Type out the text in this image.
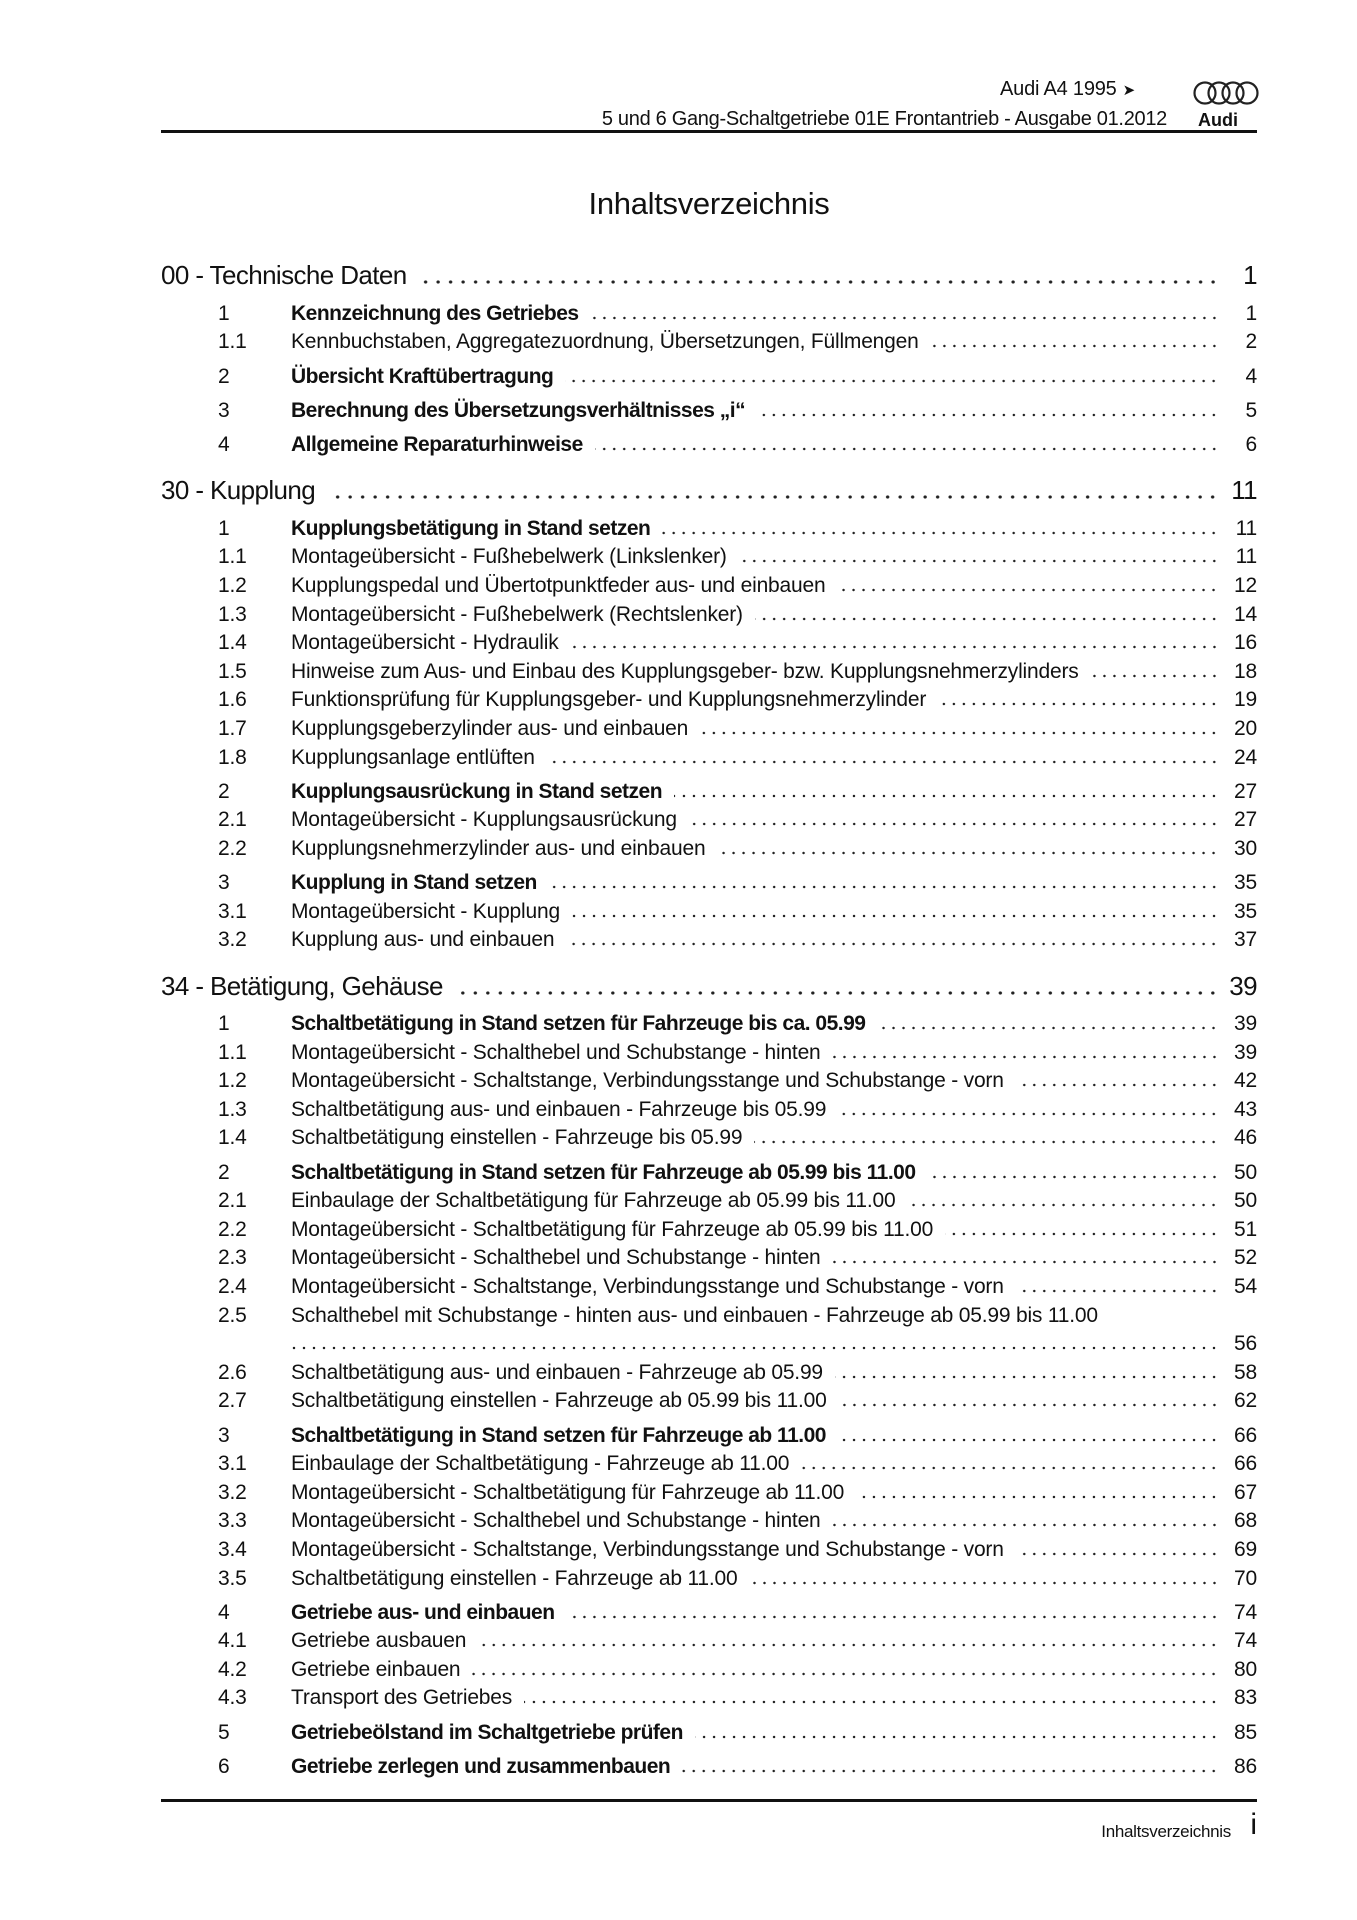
Audi A4 1995 ➤
5 und 6 Gang-Schaltgetriebe 01E Frontantrieb - Ausgabe 01.2012 Audi
Inhaltsverzeichnis
00 - Technische Daten	1
1	Kennzeichnung des Getriebes	1
1.1	Kennbuchstaben, Aggregatezuordnung, Übersetzungen, Füllmengen	2
2	Übersicht Kraftübertragung	4
3	Berechnung des Übersetzungsverhältnisses „i“	5
4	Allgemeine Reparaturhinweise	6
30 - Kupplung	11
1	Kupplungsbetätigung in Stand setzen	11
1.1	Montageübersicht - Fußhebelwerk (Linkslenker)	11
1.2	Kupplungspedal und Übertotpunktfeder aus- und einbauen	12
1.3	Montageübersicht - Fußhebelwerk (Rechtslenker)	14
1.4	Montageübersicht - Hydraulik	16
1.5	Hinweise zum Aus- und Einbau des Kupplungsgeber- bzw. Kupplungsnehmerzylinders	18
1.6	Funktionsprüfung für Kupplungsgeber- und Kupplungsnehmerzylinder	19
1.7	Kupplungsgeberzylinder aus- und einbauen	20
1.8	Kupplungsanlage entlüften	24
2	Kupplungsausrückung in Stand setzen	27
2.1	Montageübersicht - Kupplungsausrückung	27
2.2	Kupplungsnehmerzylinder aus- und einbauen	30
3	Kupplung in Stand setzen	35
3.1	Montageübersicht - Kupplung	35
3.2	Kupplung aus- und einbauen	37
34 - Betätigung, Gehäuse	39
1	Schaltbetätigung in Stand setzen für Fahrzeuge bis ca. 05.99	39
1.1	Montageübersicht - Schalthebel und Schubstange - hinten	39
1.2	Montageübersicht - Schaltstange, Verbindungsstange und Schubstange - vorn	42
1.3	Schaltbetätigung aus- und einbauen - Fahrzeuge bis 05.99	43
1.4	Schaltbetätigung einstellen - Fahrzeuge bis 05.99	46
2	Schaltbetätigung in Stand setzen für Fahrzeuge ab 05.99 bis 11.00	50
2.1	Einbaulage der Schaltbetätigung für Fahrzeuge ab 05.99 bis 11.00	50
2.2	Montageübersicht - Schaltbetätigung für Fahrzeuge ab 05.99 bis 11.00	51
2.3	Montageübersicht - Schalthebel und Schubstange - hinten	52
2.4	Montageübersicht - Schaltstange, Verbindungsstange und Schubstange - vorn	54
2.5	Schalthebel mit Schubstange - hinten aus- und einbauen - Fahrzeuge ab 05.99 bis 11.00
56
2.6	Schaltbetätigung aus- und einbauen - Fahrzeuge ab 05.99	58
2.7	Schaltbetätigung einstellen - Fahrzeuge ab 05.99 bis 11.00	62
3	Schaltbetätigung in Stand setzen für Fahrzeuge ab 11.00	66
3.1	Einbaulage der Schaltbetätigung - Fahrzeuge ab 11.00	66
3.2	Montageübersicht - Schaltbetätigung für Fahrzeuge ab 11.00	67
3.3	Montageübersicht - Schalthebel und Schubstange - hinten	68
3.4	Montageübersicht - Schaltstange, Verbindungsstange und Schubstange - vorn	69
3.5	Schaltbetätigung einstellen - Fahrzeuge ab 11.00	70
4	Getriebe aus- und einbauen	74
4.1	Getriebe ausbauen	74
4.2	Getriebe einbauen	80
4.3	Transport des Getriebes	83
5	Getriebeölstand im Schaltgetriebe prüfen	85
6	Getriebe zerlegen und zusammenbauen	86
Inhaltsverzeichnis i
